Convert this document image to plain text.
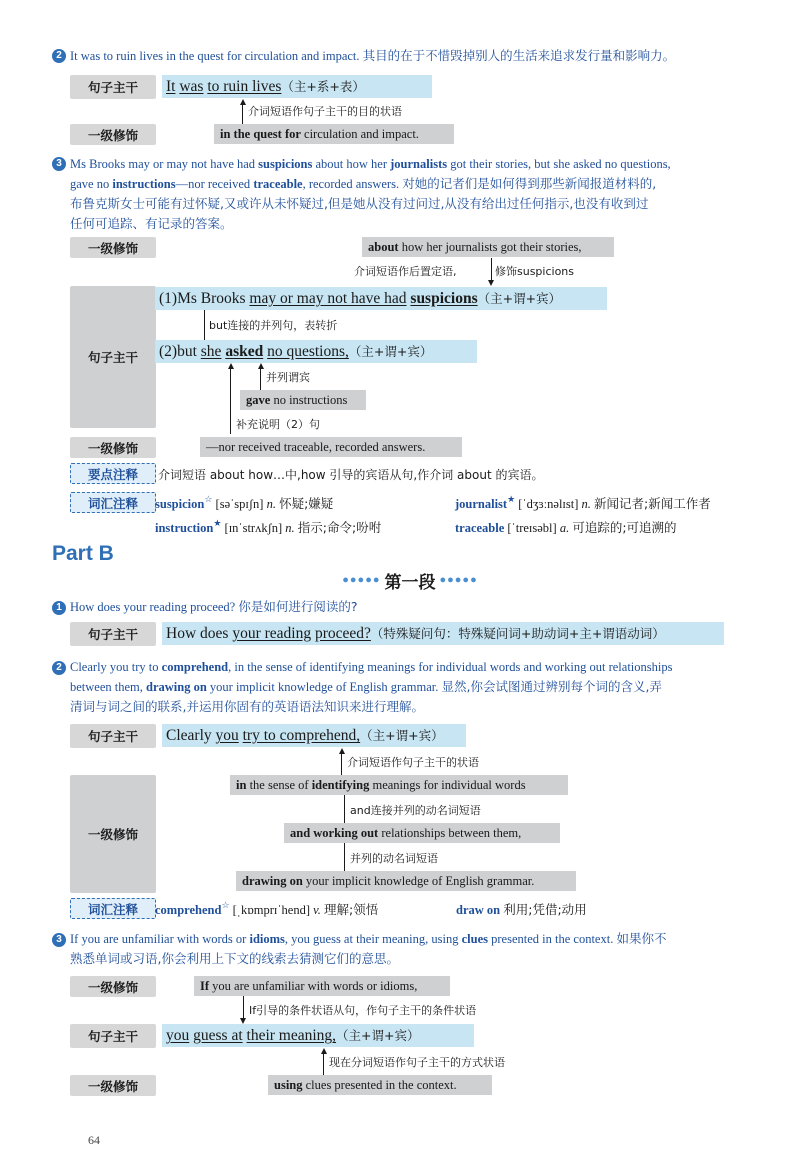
2 It was to ruin lives in the quest for circulation and impact. 其目的在于不惜毁掉别人的生活来追求发行量和影响力。
句子主干	It was to ruin lives（主+系+表）
介词短语作句子主干的目的状语
一级修饰	in the quest for circulation and impact.
3 Ms Brooks may or may not have had suspicions about how her journalists got their stories, but she asked no questions,
gave no instructions—nor received traceable, recorded answers. 对她的记者们是如何得到那些新闻报道材料的,
布鲁克斯女士可能有过怀疑,又或许从未怀疑过,但是她从没有过问过,从没有给出过任何指示,也没有收到过
任何可追踪、有记录的答案。
一级修饰	about how her journalists got their stories,
介词短语作后置定语,	修饰suspicions
句子主干
(1)Ms Brooks may or may not have had suspicions（主+谓+宾）
but连接的并列句，表转折
(2)but she asked no questions,（主+谓+宾）
并列谓宾
gave no instructions
补充说明（2）句
一级修饰	—nor received traceable, recorded answers.
要点注释	介词短语 about how…中,how 引导的宾语从句,作介词 about 的宾语。
词汇注释	suspicion☆ [səˈspɪʃn] n. 怀疑;嫌疑	journalist★ [ˈdʒɜːnəlɪst] n. 新闻记者;新闻工作者
instruction★ [ɪnˈstrʌkʃn] n. 指示;命令;吩咐	traceable [ˈtreɪsəbl] a. 可追踪的;可追溯的
Part B
●●●●● 第一段 ●●●●●
1 How does your reading proceed? 你是如何进行阅读的?
句子主干	How does your reading proceed?（特殊疑问句：特殊疑问词+助动词+主+谓语动词）
2 Clearly you try to comprehend, in the sense of identifying meanings for individual words and working out relationships
between them, drawing on your implicit knowledge of English grammar. 显然,你会试图通过辨别每个词的含义,弄
清词与词之间的联系,并运用你固有的英语语法知识来进行理解。
句子主干	Clearly you try to comprehend,（主+谓+宾）
介词短语作句子主干的状语
一级修饰
in the sense of identifying meanings for individual words
and连接并列的动名词短语
and working out relationships between them,
并列的动名词短语
drawing on your implicit knowledge of English grammar.
词汇注释	comprehend☆ [ˌkɒmprɪˈhend] v. 理解;领悟	draw on 利用;凭借;动用
3 If you are unfamiliar with words or idioms, you guess at their meaning, using clues presented in the context. 如果你不
熟悉单词或习语,你会利用上下文的线索去猜测它们的意思。
一级修饰	If you are unfamiliar with words or idioms,
If引导的条件状语从句，作句子主干的条件状语
句子主干	you guess at their meaning,（主+谓+宾）
现在分词短语作句子主干的方式状语
一级修饰	using clues presented in the context.
64
